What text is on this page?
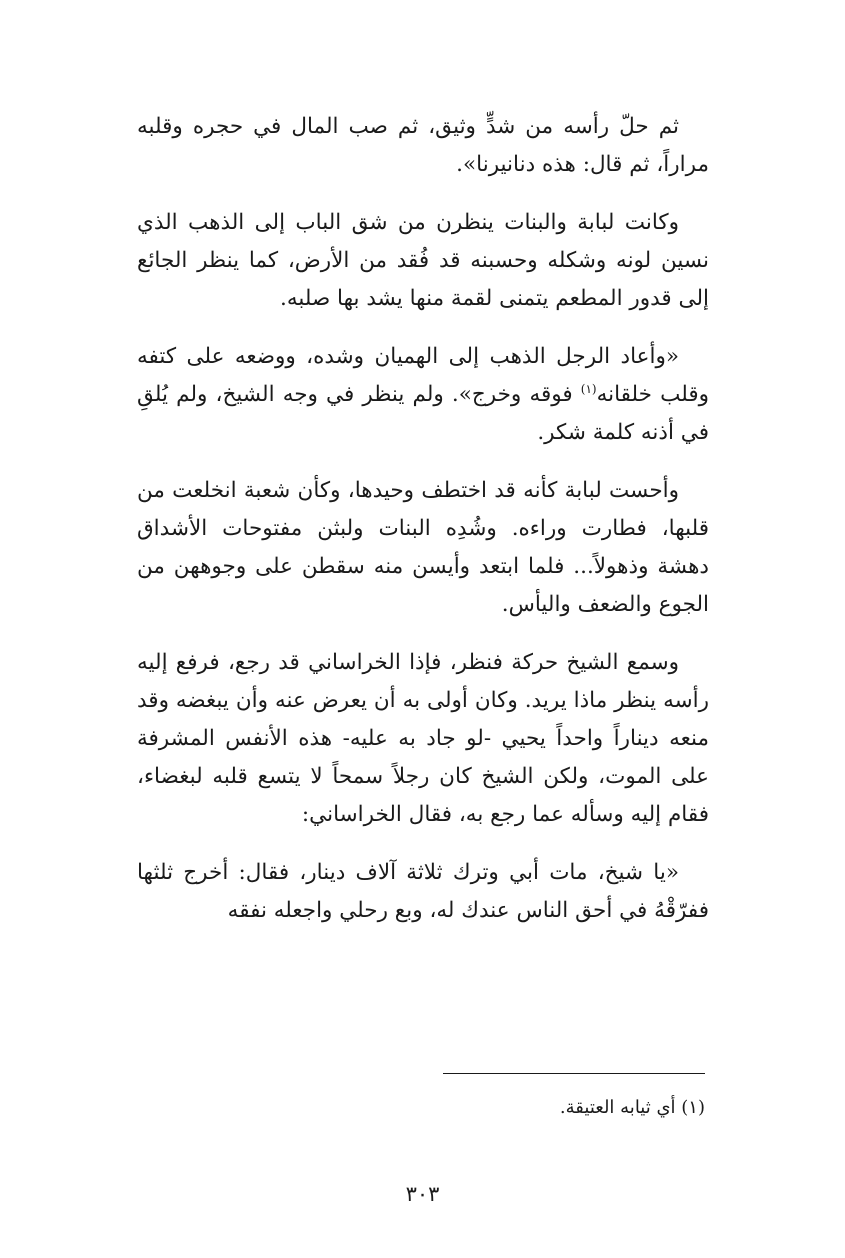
ثم حلّ رأسه من شدٍّ وثيق، ثم صب المال في حجره وقلبه مراراً، ثم قال: هذه دنانيرنا».

وكانت لبابة والبنات ينظرن من شق الباب إلى الذهب الذي نسين لونه وشكله وحسبنه قد فُقد من الأرض، كما ينظر الجائع إلى قدور المطعم يتمنى لقمة منها يشد بها صلبه.

«وأعاد الرجل الذهب إلى الهميان وشده، ووضعه على كتفه وقلب خلقانه$^{(١)}$ فوقه وخرج». ولم ينظر في وجه الشيخ، ولم يُلقِ في أذنه كلمة شكر.

وأحست لبابة كأنه قد اختطف وحيدها، وكأن شعبة انخلعت من قلبها، فطارت وراءه. وشُدِه البنات ولبثن مفتوحات الأشداق دهشة وذهولاً... فلما ابتعد وأيسن منه سقطن على وجوههن من الجوع والضعف واليأس.

وسمع الشيخ حركة فنظر، فإذا الخراساني قد رجع، فرفع إليه رأسه ينظر ماذا يريد. وكان أولى به أن يعرض عنه وأن يبغضه وقد منعه ديناراً واحداً يحيي -لو جاد به عليه- هذه الأنفس المشرفة على الموت، ولكن الشيخ كان رجلاً سمحاً لا يتسع قلبه لبغضاء، فقام إليه وسأله عما رجع به، فقال الخراساني:

«يا شيخ، مات أبي وترك ثلاثة آلاف دينار، فقال: أخرج ثلثها ففرّقْهُ في أحق الناس عندك له، وبع رحلي واجعله نفقه

(١) أي ثيابه العتيقة.
٣٠٣
